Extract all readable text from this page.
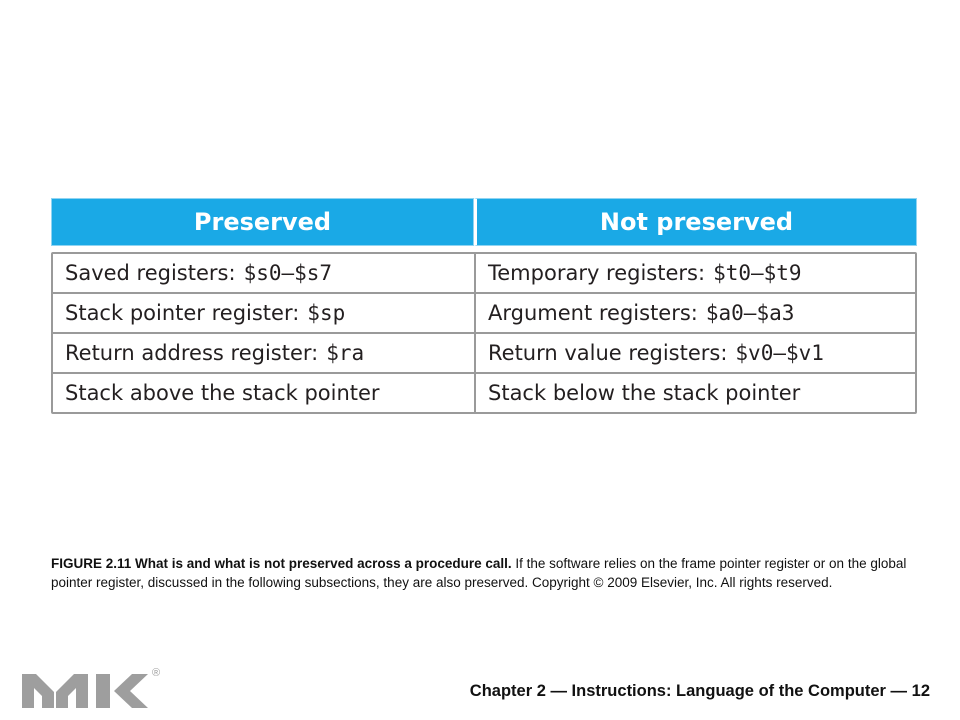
Preserved	Not preserved
Saved registers: $s0–$s7	Temporary registers: $t0–$t9
Stack pointer register: $sp	Argument registers: $a0–$a3
Return address register: $ra	Return value registers: $v0–$v1
Stack above the stack pointer	Stack below the stack pointer
FIGURE 2.11 What is and what is not preserved across a procedure call. If the software relies on the frame pointer register or on the global pointer register, discussed in the following subsections, they are also preserved. Copyright © 2009 Elsevier, Inc. All rights reserved.
®
Chapter 2 — Instructions: Language of the Computer — 12
